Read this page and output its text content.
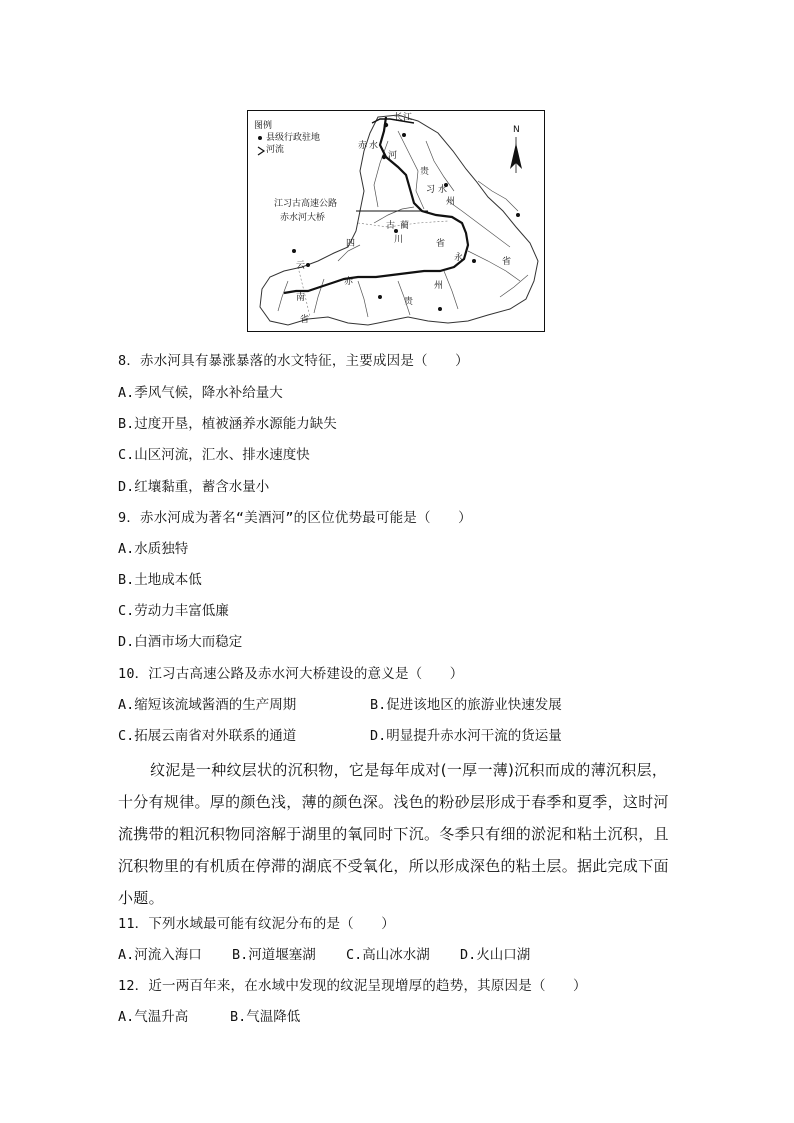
图例
县级行政驻地
河流
长江
N
江习古高速公路
赤水河大桥
赤 水
河
贵
习 水
州
古 蔺
川
四	省
省
永
云
赤	州
贵
南
省
8．赤水河具有暴涨暴落的水文特征，主要成因是（　　）
A.季风气候，降水补给量大
B.过度开垦，植被涵养水源能力缺失
C.山区河流，汇水、排水速度快
D.红壤黏重，蓄含水量小
9．赤水河成为著名“美酒河”的区位优势最可能是（　　）
A.水质独特
B.土地成本低
C.劳动力丰富低廉
D.白酒市场大而稳定
10．江习古高速公路及赤水河大桥建设的意义是（　　）
A.缩短该流域酱酒的生产周期	B.促进该地区的旅游业快速发展
C.拓展云南省对外联系的通道	D.明显提升赤水河干流的货运量
纹泥是一种纹层状的沉积物，它是每年成对(一厚一薄)沉积而成的薄沉积层，
十分有规律。厚的颜色浅，薄的颜色深。浅色的粉砂层形成于春季和夏季，这时河
流携带的粗沉积物同溶解于湖里的氧同时下沉。冬季只有细的淤泥和粘土沉积，且
沉积物里的有机质在停滞的湖底不受氧化，所以形成深色的粘土层。据此完成下面
小题。
11．下列水域最可能有纹泥分布的是（　　）
A.河流入海口 B.河道堰塞湖 C.高山冰水湖 D.火山口湖
12．近一两百年来，在水域中发现的纹泥呈现增厚的趋势，其原因是（　　）
A.气温升高	B.气温降低
